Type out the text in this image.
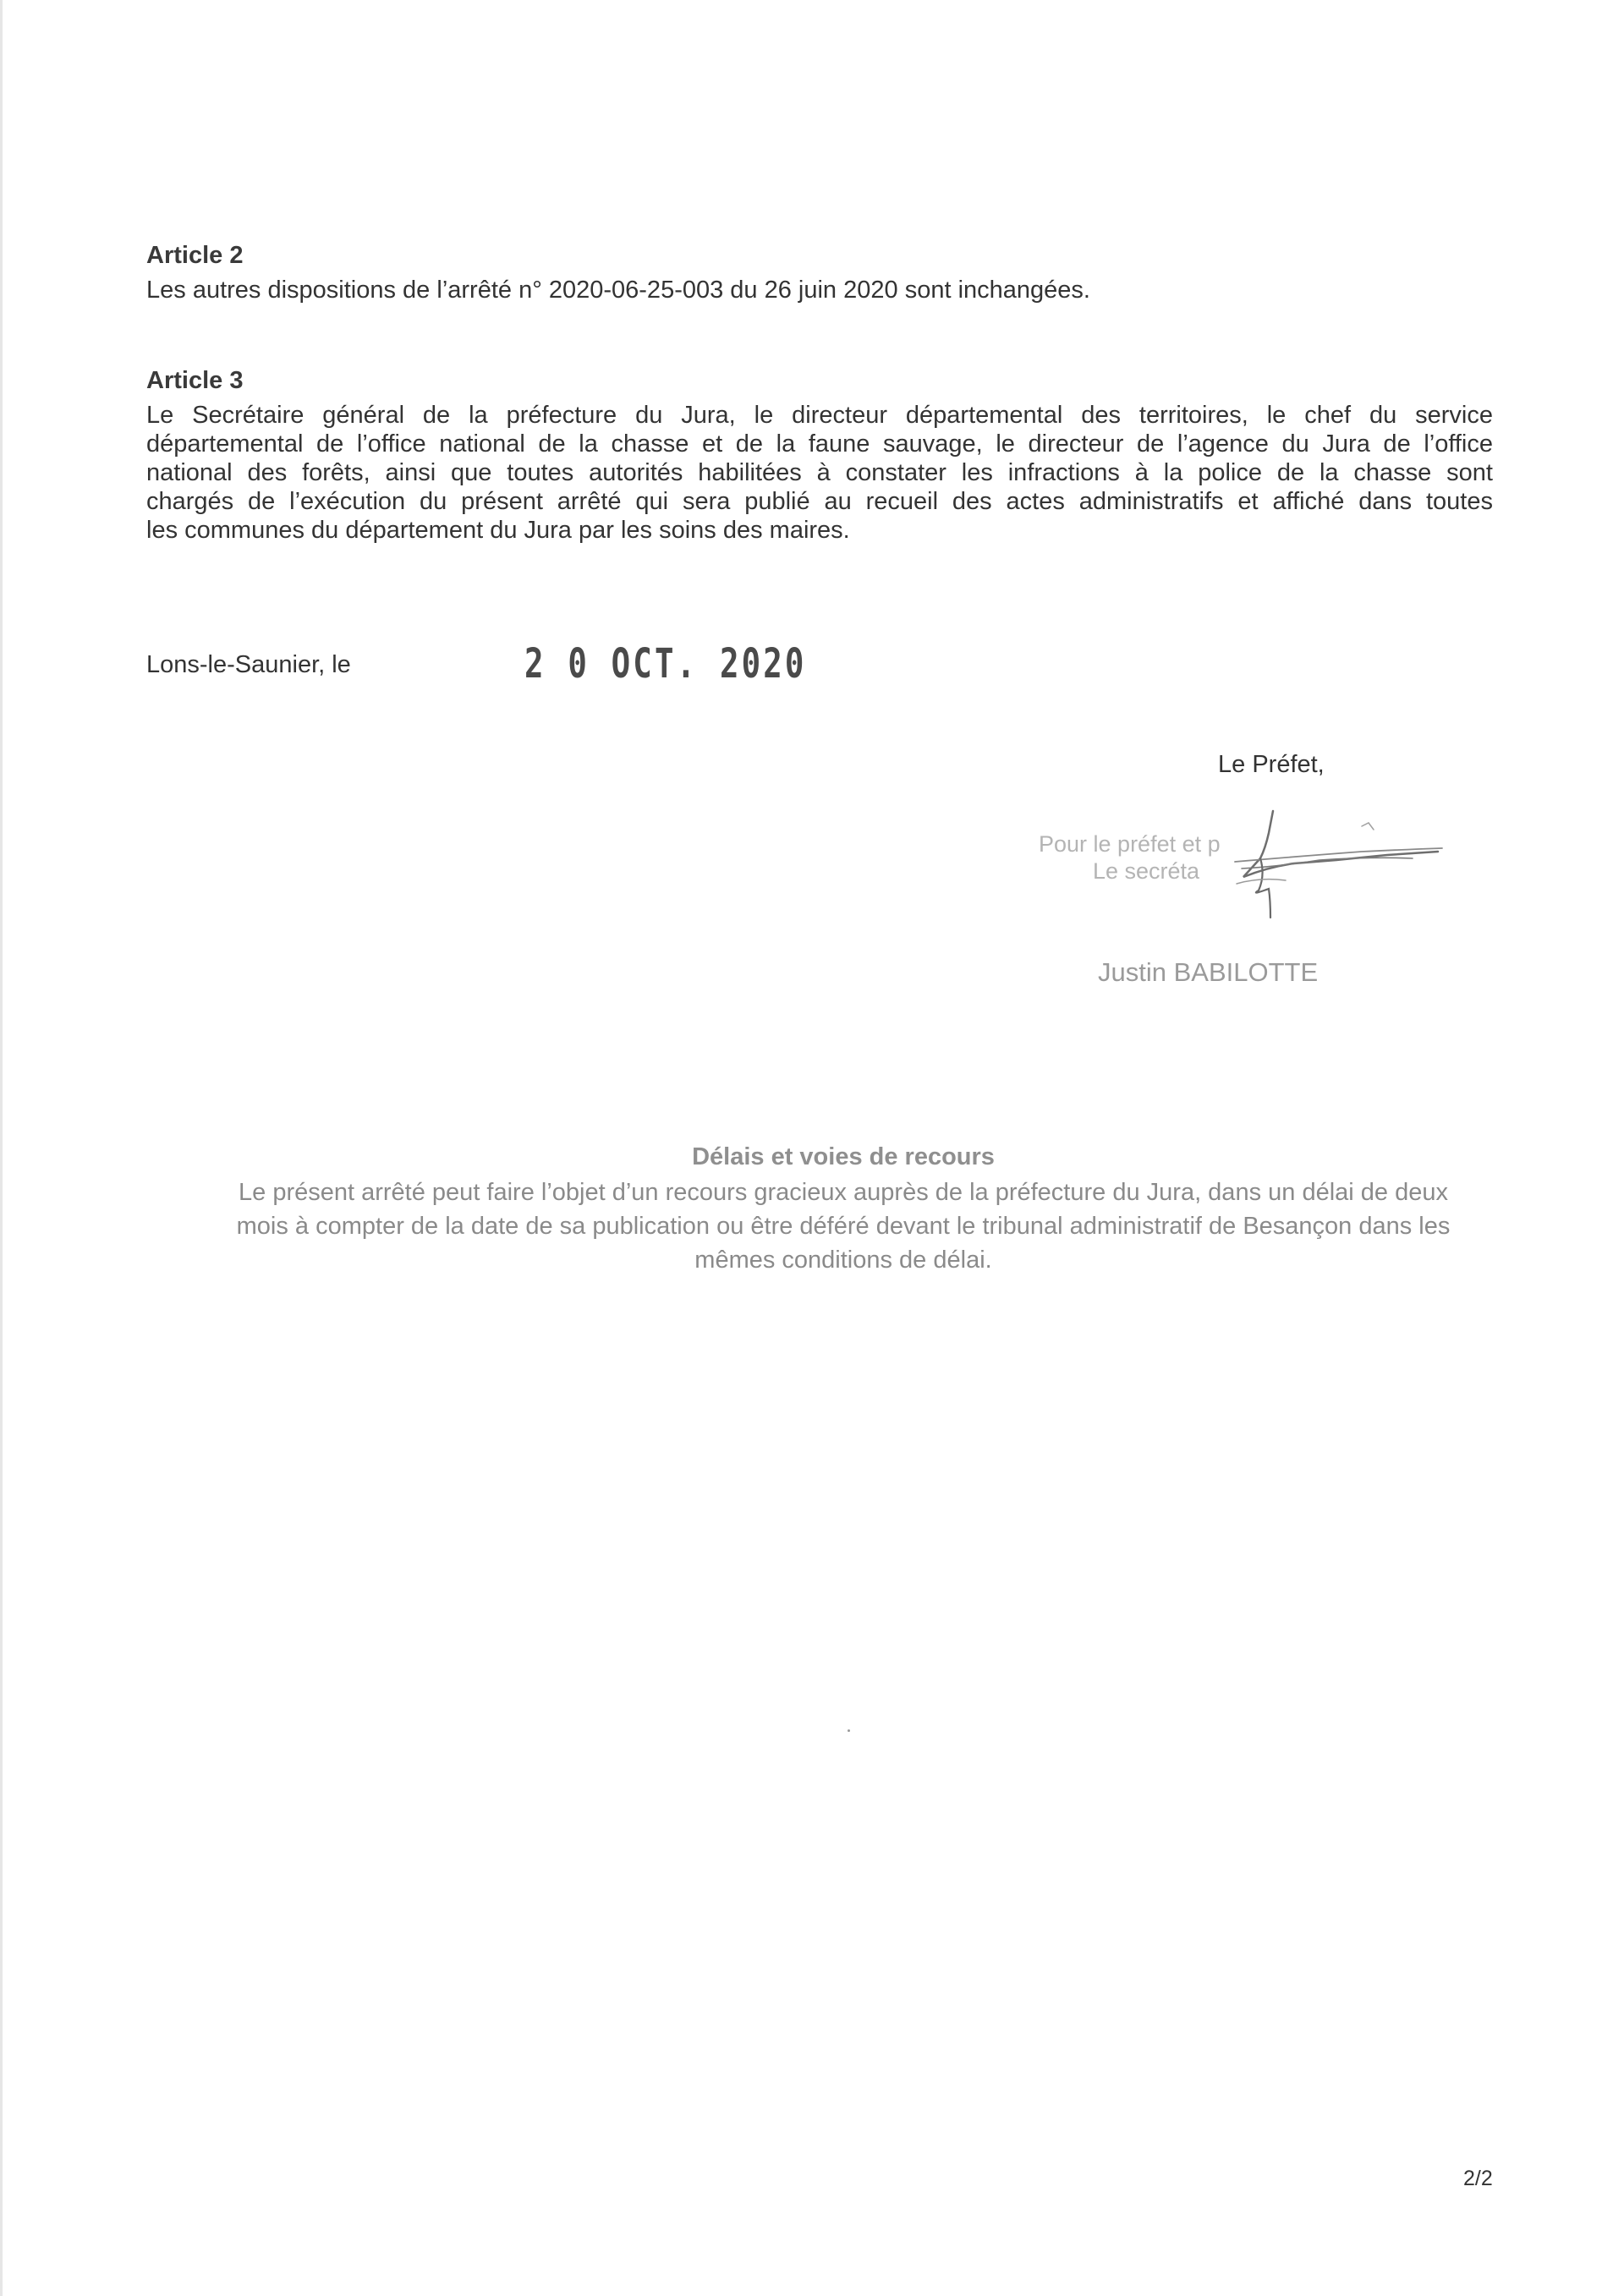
Article 2

Les autres dispositions de l’arrêté n° 2020-06-25-003 du 26 juin 2020 sont inchangées.

Article 3

Le Secrétaire général de la préfecture du Jura, le directeur départemental des territoires, le chef du service
départemental de l’office national de la chasse et de la faune sauvage, le directeur de l’agence du Jura de l’office
national des forêts, ainsi que toutes autorités habilitées à constater les infractions à la police de la chasse sont
chargés de l’exécution du présent arrêté qui sera publié au recueil des actes administratifs et affiché dans toutes
les communes du département du Jura par les soins des maires.

Lons-le-Saunier, le	2 0 OCT. 2020
Le Préfet,
Pour le préfet et p
Le secréta
Justin BABILOTTE
Délais et voies de recours

Le présent arrêté peut faire l’objet d’un recours gracieux auprès de la préfecture du Jura, dans un délai de deux
mois à compter de la date de sa publication ou être déféré devant le tribunal administratif de Besançon dans les
mêmes conditions de délai.

2/2
